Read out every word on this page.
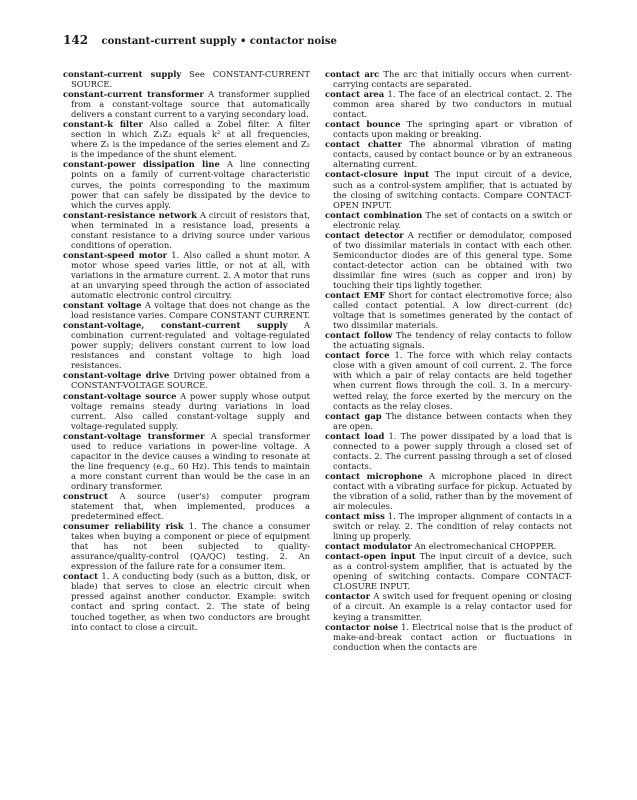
142 constant-current supply • contactor noise

constant-current supply See CONSTANT-CURRENT SOURCE.

constant-current transformer A transformer supplied from a constant-voltage source that automatically delivers a constant current to a varying secondary load.

constant-k filter Also called a Zobel filter. A filter section in which Z₁Z₂ equals k² at all frequencies, where Z₁ is the impedance of the series element and Z₂ is the impedance of the shunt element.

constant-power dissipation line A line connecting points on a family of current-voltage characteristic curves, the points corresponding to the maximum power that can safely be dissipated by the device to which the curves apply.

constant-resistance network A circuit of resistors that, when terminated in a resistance load, presents a constant resistance to a driving source under various conditions of operation.

constant-speed motor 1. Also called a shunt motor. A motor whose speed varies little, or not at all, with variations in the armature current. 2. A motor that runs at an unvarying speed through the action of associated automatic electronic control circuitry.

constant voltage A voltage that does not change as the load resistance varies. Compare CONSTANT CURRENT.

constant-voltage, constant-current supply A combination current-regulated and voltage-regulated power supply; delivers constant current to low load resistances and constant voltage to high load resistances.

constant-voltage drive Driving power obtained from a CONSTANT-VOLTAGE SOURCE.

constant-voltage source A power supply whose output voltage remains steady during variations in load current. Also called constant-voltage supply and voltage-regulated supply.

constant-voltage transformer A special transformer used to reduce variations in power-line voltage. A capacitor in the device causes a winding to resonate at the line frequency (e.g., 60 Hz). This tends to maintain a more constant current than would be the case in an ordinary transformer.

construct A source (user's) computer program statement that, when implemented, produces a predetermined effect.

consumer reliability risk 1. The chance a consumer takes when buying a component or piece of equipment that has not been subjected to quality-assurance/quality-control (QA/QC) testing. 2. An expression of the failure rate for a consumer item.

contact 1. A conducting body (such as a button, disk, or blade) that serves to close an electric circuit when pressed against another conductor. Example: switch contact and spring contact. 2. The state of being touched together, as when two conductors are brought into contact to close a circuit.

contact arc The arc that initially occurs when current-carrying contacts are separated.

contact area 1. The face of an electrical contact. 2. The common area shared by two conductors in mutual contact.

contact bounce The springing apart or vibration of contacts upon making or breaking.

contact chatter The abnormal vibration of mating contacts, caused by contact bounce or by an extraneous alternating current.

contact-closure input The input circuit of a device, such as a control-system amplifier, that is actuated by the closing of switching contacts. Compare CONTACT-OPEN INPUT.

contact combination The set of contacts on a switch or electronic relay.

contact detector A rectifier or demodulator, composed of two dissimilar materials in contact with each other. Semiconductor diodes are of this general type. Some contact-detector action can be obtained with two dissimilar fine wires (such as copper and iron) by touching their tips lightly together.

contact EMF Short for contact electromotive force; also called contact potential. A low direct-current (dc) voltage that is sometimes generated by the contact of two dissimilar materials.

contact follow The tendency of relay contacts to follow the actuating signals.

contact force 1. The force with which relay contacts close with a given amount of coil current. 2. The force with which a pair of relay contacts are held together when current flows through the coil. 3. In a mercury-wetted relay, the force exerted by the mercury on the contacts as the relay closes.

contact gap The distance between contacts when they are open.

contact load 1. The power dissipated by a load that is connected to a power supply through a closed set of contacts. 2. The current passing through a set of closed contacts.

contact microphone A microphone placed in direct contact with a vibrating surface for pickup. Actuated by the vibration of a solid, rather than by the movement of air molecules.

contact miss 1. The improper alignment of contacts in a switch or relay. 2. The condition of relay contacts not lining up properly.

contact modulator An electromechanical CHOPPER.

contact-open input The input circuit of a device, such as a control-system amplifier, that is actuated by the opening of switching contacts. Compare CONTACT-CLOSURE INPUT.

contactor A switch used for frequent opening or closing of a circuit. An example is a relay contactor used for keying a transmitter.

contactor noise 1. Electrical noise that is the product of make-and-break contact action or fluctuations in conduction when the contacts are
